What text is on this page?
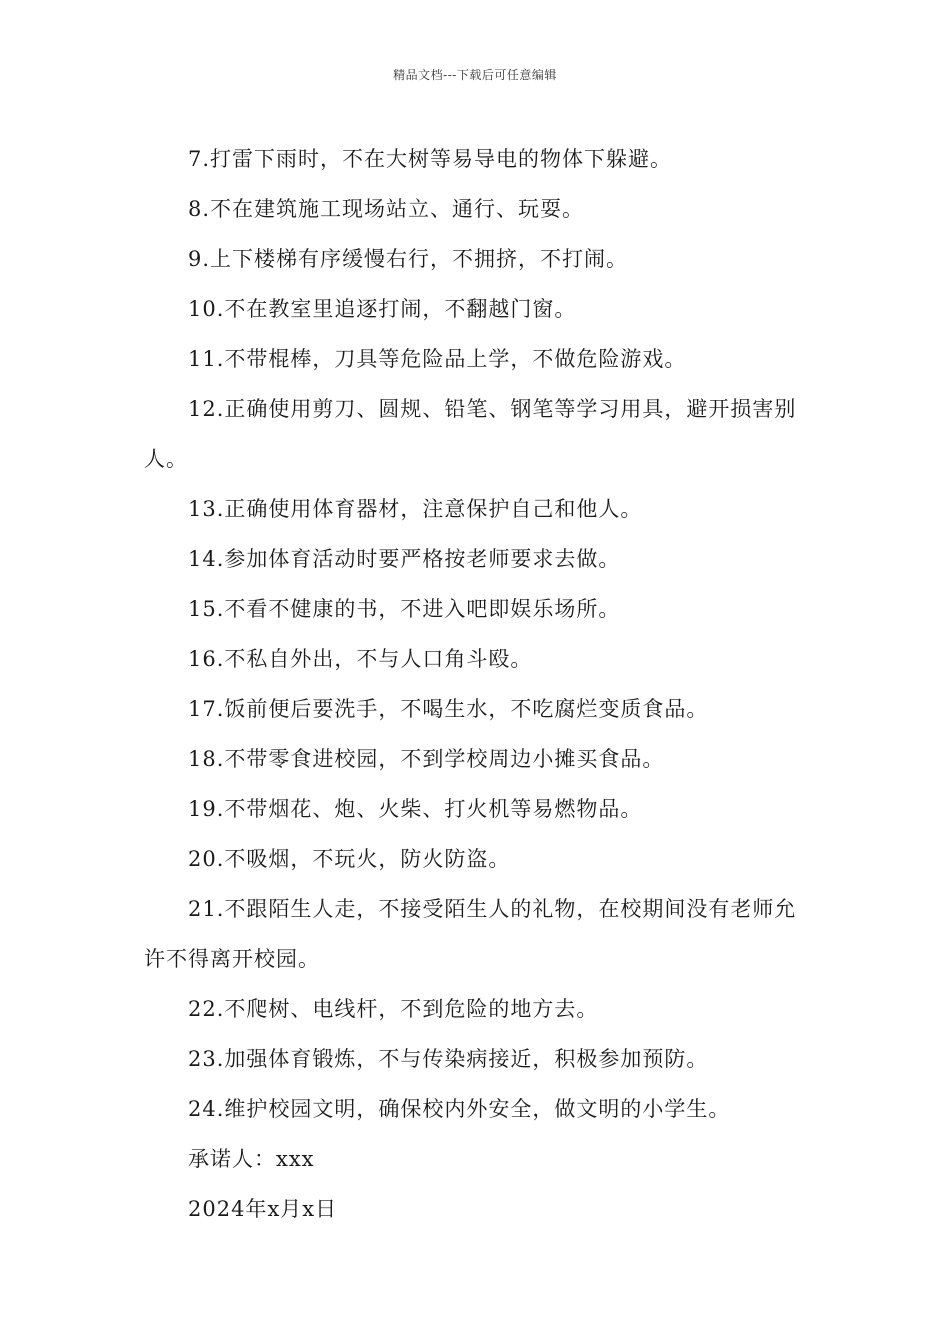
精品文档---下载后可任意编辑

7.打雷下雨时，不在大树等易导电的物体下躲避。

8.不在建筑施工现场站立、通行、玩耍。

9.上下楼梯有序缓慢右行，不拥挤，不打闹。

10.不在教室里追逐打闹，不翻越门窗。

11.不带棍棒，刀具等危险品上学，不做危险游戏。

12.正确使用剪刀、圆规、铅笔、钢笔等学习用具，避开损害别人。

13.正确使用体育器材，注意保护自己和他人。

14.参加体育活动时要严格按老师要求去做。

15.不看不健康的书，不进入吧即娱乐场所。

16.不私自外出，不与人口角斗殴。

17.饭前便后要洗手，不喝生水，不吃腐烂变质食品。

18.不带零食进校园，不到学校周边小摊买食品。

19.不带烟花、炮、火柴、打火机等易燃物品。

20.不吸烟，不玩火，防火防盗。

21.不跟陌生人走，不接受陌生人的礼物，在校期间没有老师允许不得离开校园。

22.不爬树、电线杆，不到危险的地方去。

23.加强体育锻炼，不与传染病接近，积极参加预防。

24.维护校园文明，确保校内外安全，做文明的小学生。

承诺人：xxx

2024年x月x日
